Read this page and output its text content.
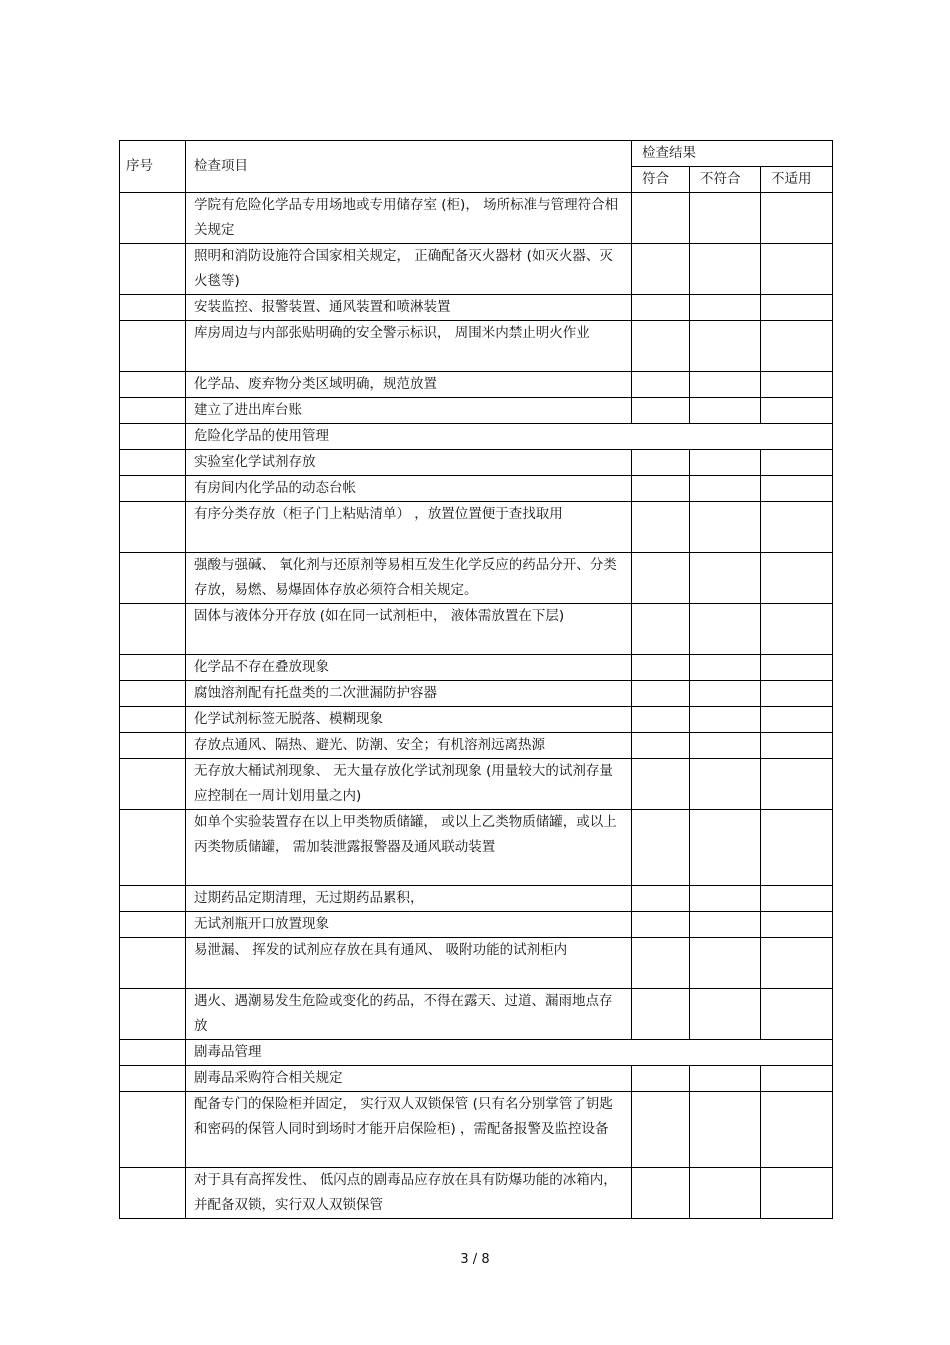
序号	检查项目	检查结果		
		符合	不符合	不适用
	学院有危险化学品专用场地或专用储存室 (柜)， 场所标准与管理符合相关规定			
	照明和消防设施符合国家相关规定， 正确配备灭火器材 (如灭火器、灭火毯等)			
	安装监控、报警装置、通风装置和喷淋装置			
	库房周边与内部张贴明确的安全警示标识， 周围米内禁止明火作业			
	化学品、废弃物分类区域明确，规范放置			
	建立了进出库台账			
	危险化学品的使用管理			
	实验室化学试剂存放			
	有房间内化学品的动态台帐			
	有序分类存放（柜子门上粘贴清单） ，放置位置便于查找取用			
	强酸与强碱、 氧化剂与还原剂等易相互发生化学反应的药品分开、分类存放，易燃、易爆固体存放必须符合相关规定。			
	固体与液体分开存放 (如在同一试剂柜中， 液体需放置在下层)			
	化学品不存在叠放现象			
	腐蚀溶剂配有托盘类的二次泄漏防护容器			
	化学试剂标签无脱落、模糊现象			
	存放点通风、隔热、避光、防潮、安全；有机溶剂远离热源			
	无存放大桶试剂现象、 无大量存放化学试剂现象 (用量较大的试剂存量应控制在一周计划用量之内)			
	如单个实验装置存在以上甲类物质储罐， 或以上乙类物质储罐，或以上丙类物质储罐， 需加装泄露报警器及通风联动装置			
	过期药品定期清理，无过期药品累积，			
	无试剂瓶开口放置现象			
	易泄漏、 挥发的试剂应存放在具有通风、 吸附功能的试剂柜内			
	遇火、遇潮易发生危险或变化的药品，不得在露天、过道、漏雨地点存放			
	剧毒品管理			
	剧毒品采购符合相关规定			
	配备专门的保险柜并固定， 实行双人双锁保管 (只有名分别掌管了钥匙和密码的保管人同时到场时才能开启保险柜) ，需配备报警及监控设备			
	对于具有高挥发性、 低闪点的剧毒品应存放在具有防爆功能的冰箱内，并配备双锁，实行双人双锁保管			
3 / 8
